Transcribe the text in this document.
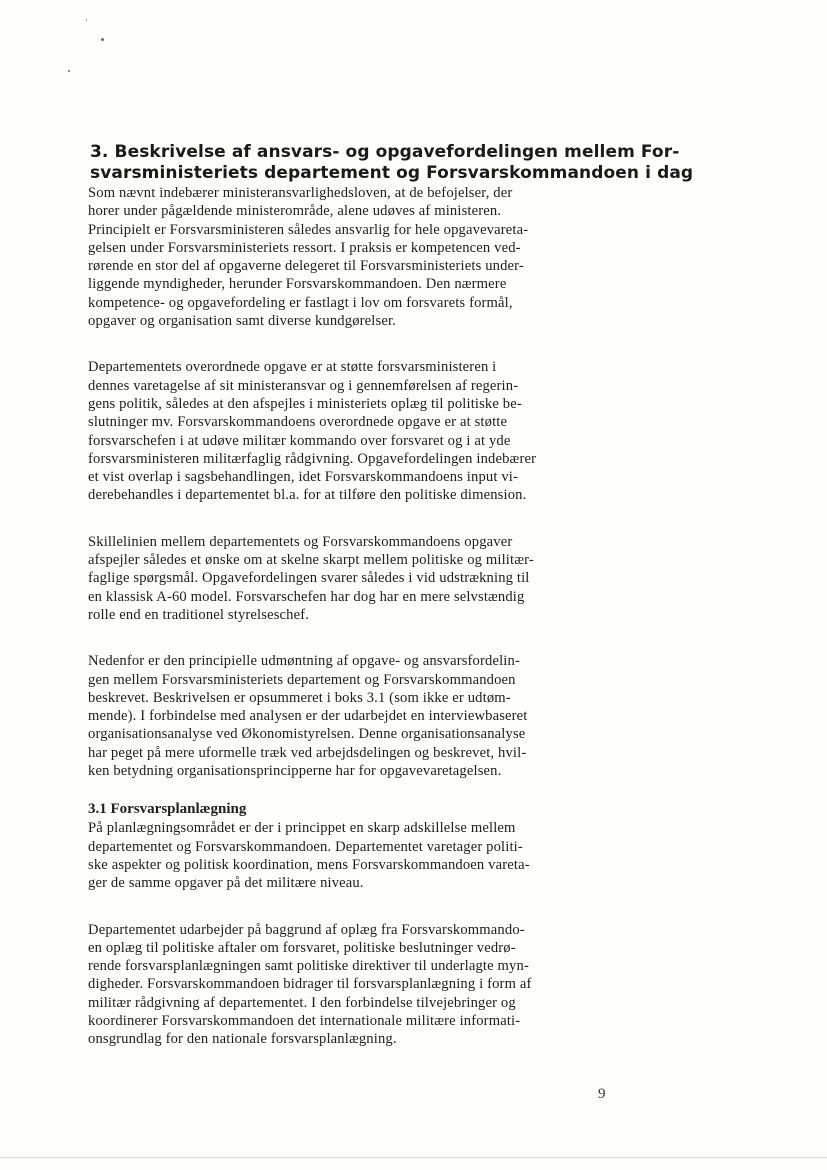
3. Beskrivelse af ansvars- og opgavefordelingen mellem For-
svarsministeriets departement og Forsvarskommandoen i dag
Som nævnt indebærer ministeransvarlighedsloven, at de befojelser, der
horer under pågældende ministerområde, alene udøves af ministeren.
Principielt er Forsvarsministeren således ansvarlig for hele opgavevareta-
gelsen under Forsvarsministeriets ressort. I praksis er kompetencen ved-
rørende en stor del af opgaverne delegeret til Forsvarsministeriets under-
liggende myndigheder, herunder Forsvarskommandoen. Den nærmere
kompetence- og opgavefordeling er fastlagt i lov om forsvarets formål,
opgaver og organisation samt diverse kundgørelser.
Departementets overordnede opgave er at støtte forsvarsministeren i
dennes varetagelse af sit ministeransvar og i gennemførelsen af regerin-
gens politik, således at den afspejles i ministeriets oplæg til politiske be-
slutninger mv. Forsvarskommandoens overordnede opgave er at støtte
forsvarschefen i at udøve militær kommando over forsvaret og i at yde
forsvarsministeren militærfaglig rådgivning. Opgavefordelingen indebærer
et vist overlap i sagsbehandlingen, idet Forsvarskommandoens input vi-
derebehandles i departementet bl.a. for at tilføre den politiske dimension.
Skillelinien mellem departementets og Forsvarskommandoens opgaver
afspejler således et ønske om at skelne skarpt mellem politiske og militær-
faglige spørgsmål. Opgavefordelingen svarer således i vid udstrækning til
en klassisk A-60 model. Forsvarschefen har dog har en mere selvstændig
rolle end en traditionel styrelseschef.
Nedenfor er den principielle udmøntning af opgave- og ansvarsfordelin-
gen mellem Forsvarsministeriets departement og Forsvarskommandoen
beskrevet. Beskrivelsen er opsummeret i boks 3.1 (som ikke er udtøm-
mende). I forbindelse med analysen er der udarbejdet en interviewbaseret
organisationsanalyse ved Økonomistyrelsen. Denne organisationsanalyse
har peget på mere uformelle træk ved arbejdsdelingen og beskrevet, hvil-
ken betydning organisationsprincipperne har for opgavevaretagelsen.
3.1 Forsvarsplanlægning
På planlægningsområdet er der i princippet en skarp adskillelse mellem
departementet og Forsvarskommandoen. Departementet varetager politi-
ske aspekter og politisk koordination, mens Forsvarskommandoen vareta-
ger de samme opgaver på det militære niveau.
Departementet udarbejder på baggrund af oplæg fra Forsvarskommando-
en oplæg til politiske aftaler om forsvaret, politiske beslutninger vedrø-
rende forsvarsplanlægningen samt politiske direktiver til underlagte myn-
digheder. Forsvarskommandoen bidrager til forsvarsplanlægning i form af
militær rådgivning af departementet. I den forbindelse tilvejebringer og
koordinerer Forsvarskommandoen det internationale militære informati-
onsgrundlag for den nationale forsvarsplanlægning.
9
